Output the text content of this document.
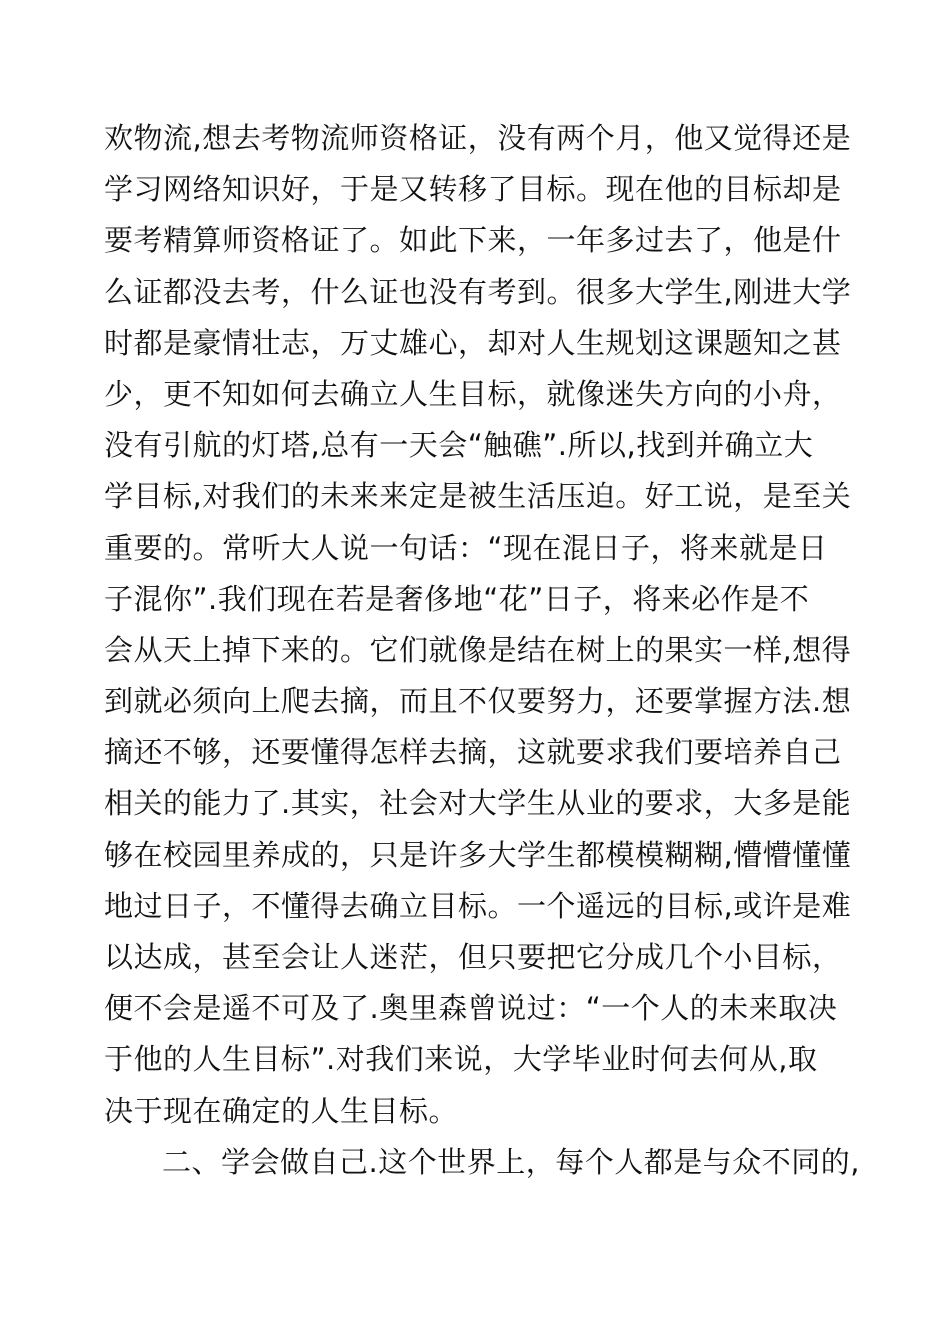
欢物流,想去考物流师资格证，没有两个月，他又觉得还是
学习网络知识好，于是又转移了目标。现在他的目标却是
要考精算师资格证了。如此下来，一年多过去了，他是什
么证都没去考，什么证也没有考到。很多大学生,刚进大学
时都是豪情壮志，万丈雄心，却对人生规划这课题知之甚
少，更不知如何去确立人生目标，就像迷失方向的小舟，
没有引航的灯塔,总有一天会“触礁”.所以,找到并确立大
学目标,对我们的未来来定是被生活压迫。好工说，是至关
重要的。常听大人说一句话：“现在混日子，将来就是日
子混你”.我们现在若是奢侈地“花”日子，将来必作是不
会从天上掉下来的。它们就像是结在树上的果实一样,想得
到就必须向上爬去摘，而且不仅要努力，还要掌握方法.想
摘还不够，还要懂得怎样去摘，这就要求我们要培养自己
相关的能力了.其实，社会对大学生从业的要求，大多是能
够在校园里养成的，只是许多大学生都模模糊糊,懵懵懂懂
地过日子，不懂得去确立目标。一个遥远的目标,或许是难
以达成，甚至会让人迷茫，但只要把它分成几个小目标，
便不会是遥不可及了.奥里森曾说过：“一个人的未来取决
于他的人生目标”.对我们来说，大学毕业时何去何从,取
决于现在确定的人生目标。
二、学会做自己.这个世界上，每个人都是与众不同的,
